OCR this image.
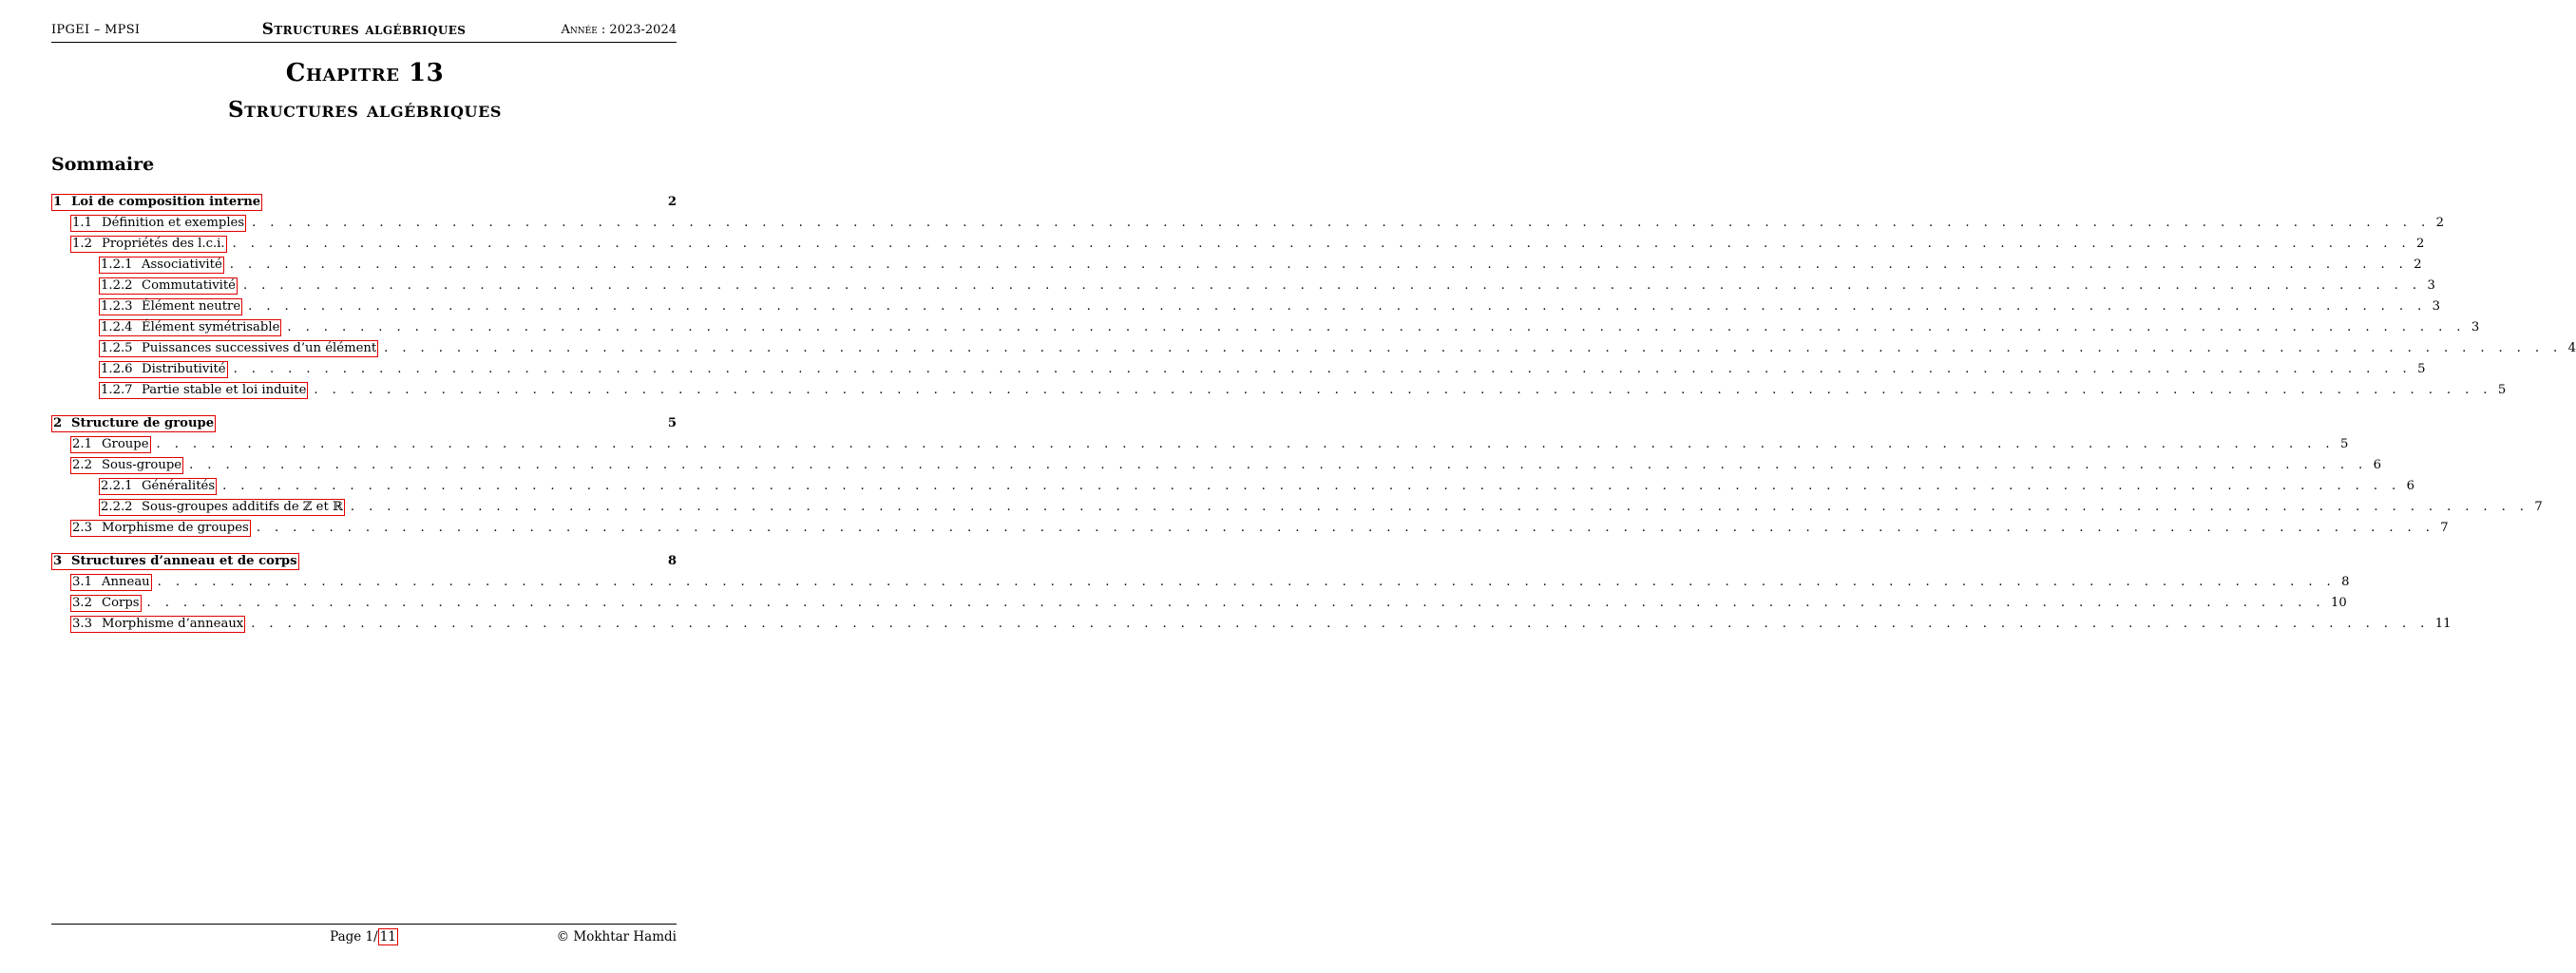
IPGEI – MPSI	Structures algébriques	Année : 2023-2024
Chapitre 13
Structures algébriques
Sommaire
1 Loi de composition interne	2
1.1 Définition et exemples . . . . . . . . . . . . . . . . . . . . . . . . . . . . . . . . . . . . . . . . . . . . . . . . . . . . . . . . . . . . . . . . . . . . . . . . . . . . . . . . . . . . . . . . . . . . . . . . . . . . . . . . . . . . . . . . . . . . . . . . 2
1.2 Propriétés des l.c.i. . . . . . . . . . . . . . . . . . . . . . . . . . . . . . . . . . . . . . . . . . . . . . . . . . . . . . . . . . . . . . . . . . . . . . . . . . . . . . . . . . . . . . . . . . . . . . . . . . . . . . . . . . . . . . . . . . . . . . . . . 2
1.2.1 Associativité . . . . . . . . . . . . . . . . . . . . . . . . . . . . . . . . . . . . . . . . . . . . . . . . . . . . . . . . . . . . . . . . . . . . . . . . . . . . . . . . . . . . . . . . . . . . . . . . . . . . . . . . . . . . . . . . . . . . . . . . 2
1.2.2 Commutativité . . . . . . . . . . . . . . . . . . . . . . . . . . . . . . . . . . . . . . . . . . . . . . . . . . . . . . . . . . . . . . . . . . . . . . . . . . . . . . . . . . . . . . . . . . . . . . . . . . . . . . . . . . . . . . . . . . . . . . . . 3
1.2.3 Élément neutre . . . . . . . . . . . . . . . . . . . . . . . . . . . . . . . . . . . . . . . . . . . . . . . . . . . . . . . . . . . . . . . . . . . . . . . . . . . . . . . . . . . . . . . . . . . . . . . . . . . . . . . . . . . . . . . . . . . . . . . . 3
1.2.4 Élément symétrisable . . . . . . . . . . . . . . . . . . . . . . . . . . . . . . . . . . . . . . . . . . . . . . . . . . . . . . . . . . . . . . . . . . . . . . . . . . . . . . . . . . . . . . . . . . . . . . . . . . . . . . . . . . . . . . . . . . . . . . . . 3
1.2.5 Puissances successives d’un élément . . . . . . . . . . . . . . . . . . . . . . . . . . . . . . . . . . . . . . . . . . . . . . . . . . . . . . . . . . . . . . . . . . . . . . . . . . . . . . . . . . . . . . . . . . . . . . . . . . . . . . . . . . . . . . . . . . . . . . . . 4
1.2.6 Distributivité . . . . . . . . . . . . . . . . . . . . . . . . . . . . . . . . . . . . . . . . . . . . . . . . . . . . . . . . . . . . . . . . . . . . . . . . . . . . . . . . . . . . . . . . . . . . . . . . . . . . . . . . . . . . . . . . . . . . . . . . 5
1.2.7 Partie stable et loi induite . . . . . . . . . . . . . . . . . . . . . . . . . . . . . . . . . . . . . . . . . . . . . . . . . . . . . . . . . . . . . . . . . . . . . . . . . . . . . . . . . . . . . . . . . . . . . . . . . . . . . . . . . . . . . . . . . . . . . . . . 5
2 Structure de groupe	5
2.1 Groupe . . . . . . . . . . . . . . . . . . . . . . . . . . . . . . . . . . . . . . . . . . . . . . . . . . . . . . . . . . . . . . . . . . . . . . . . . . . . . . . . . . . . . . . . . . . . . . . . . . . . . . . . . . . . . . . . . . . . . . . . 5
2.2 Sous-groupe . . . . . . . . . . . . . . . . . . . . . . . . . . . . . . . . . . . . . . . . . . . . . . . . . . . . . . . . . . . . . . . . . . . . . . . . . . . . . . . . . . . . . . . . . . . . . . . . . . . . . . . . . . . . . . . . . . . . . . . . 6
2.2.1 Généralités . . . . . . . . . . . . . . . . . . . . . . . . . . . . . . . . . . . . . . . . . . . . . . . . . . . . . . . . . . . . . . . . . . . . . . . . . . . . . . . . . . . . . . . . . . . . . . . . . . . . . . . . . . . . . . . . . . . . . . . . 6
2.2.2 Sous-groupes additifs de ℤ et ℝ . . . . . . . . . . . . . . . . . . . . . . . . . . . . . . . . . . . . . . . . . . . . . . . . . . . . . . . . . . . . . . . . . . . . . . . . . . . . . . . . . . . . . . . . . . . . . . . . . . . . . . . . . . . . . . . . . . . . . . . . 7
2.3 Morphisme de groupes . . . . . . . . . . . . . . . . . . . . . . . . . . . . . . . . . . . . . . . . . . . . . . . . . . . . . . . . . . . . . . . . . . . . . . . . . . . . . . . . . . . . . . . . . . . . . . . . . . . . . . . . . . . . . . . . . . . . . . . . 7
3 Structures d’anneau et de corps	8
3.1 Anneau . . . . . . . . . . . . . . . . . . . . . . . . . . . . . . . . . . . . . . . . . . . . . . . . . . . . . . . . . . . . . . . . . . . . . . . . . . . . . . . . . . . . . . . . . . . . . . . . . . . . . . . . . . . . . . . . . . . . . . . . 8
3.2 Corps . . . . . . . . . . . . . . . . . . . . . . . . . . . . . . . . . . . . . . . . . . . . . . . . . . . . . . . . . . . . . . . . . . . . . . . . . . . . . . . . . . . . . . . . . . . . . . . . . . . . . . . . . . . . . . . . . . . . . . . . 10
3.3 Morphisme d’anneaux . . . . . . . . . . . . . . . . . . . . . . . . . . . . . . . . . . . . . . . . . . . . . . . . . . . . . . . . . . . . . . . . . . . . . . . . . . . . . . . . . . . . . . . . . . . . . . . . . . . . . . . . . . . . . . . . . . . . . . . . 11
Page 1/ 11	© Mokhtar Hamdi
